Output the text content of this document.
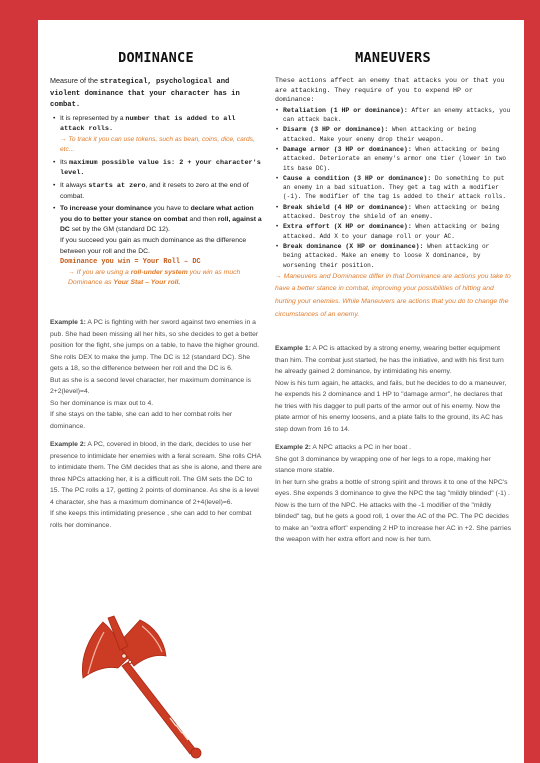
DOMINANCE

Measure of the strategical, psychological and violent dominance that your character has in combat.

• It is represented by a number that is added to all attack rolls.
→ To track it you can use tokens, such as bean, coins, dice, cards, etc...
• Its maximum possible value is: 2 + your character's level.
• It always starts at zero, and it resets to zero at the end of combat.
• To increase your dominance you have to declare what action you do to better your stance on combat and then roll, against a DC set by the GM (standard DC 12).

If you succeed you gain as much dominance as the difference between your roll and the DC.

Dominance you win = Your Roll – DC

→ If you are using a roll-under system you win as much Dominance as Your Stat – Your roll.

Example 1: A PC is fighting with her sword against two enemies in a pub. She had been missing all her hits, so she decides to get a better position for the fight, she jumps on a table, to have the higher ground. She rolls DEX to make the jump. The DC is 12 (standard DC). She gets a 18, so the difference between her roll and the DC is 6.
But as she is a second level character, her maximum dominance is 2+2(level)=4.
So her dominance is max out to 4.
If she stays on the table, she can add to her combat rolls her dominance.

Example 2: A PC, covered in blood, in the dark, decides to use her presence to intimidate her enemies with a feral scream. She rolls CHA to intimidate them. The GM decides that as she is alone, and there are three NPCs attacking her, it is a difficult roll. The GM sets the DC to 15. The PC rolls a 17, getting 2 points of dominance. As she is a level 4 character, she has a maximum dominance of 2+4(level)=6.
If she keeps this intimidating presence , she can add to her combat rolls her dominance.

MANEUVERS

These actions affect an enemy that attacks you or that you are attacking. They require of you to expend HP or dominance:

• Retaliation (1 HP or dominance): After an enemy attacks, you can attack back.
• Disarm (3 HP or dominance): When attacking or being attacked. Make your enemy drop their weapon.
• Damage armor (3 HP or dominance): When attacking or being attacked. Deteriorate an enemy's armor one tier (lower in two its base DC).
• Cause a condition (3 HP or dominance): Do something to put an enemy in a bad situation. They get a tag with a modifier (-1). The modifier of the tag is added to their attack rolls.
• Break shield (4 HP or dominance): When attacking or being attacked. Destroy the shield of an enemy.
• Extra effort (X HP or dominance): When attacking or being attacked. Add X to your damage roll or your AC.
• Break dominance (X HP or dominance): When attacking or being attacked. Make an enemy to loose X dominance, by worsening their position.

→ Maneuvers and Dominance differ in that Dominance are actions you take to have a better stance in combat, improving your possibilities of hitting and hurting your enemies. While Maneuvers are actions that you do to change the circumstances of an enemy.

Example 1: A PC is attacked by a strong enemy, wearing better equipment than him. The combat just started, he has the initiative, and with his first turn he already gained 2 dominance, by intimidating his enemy.
Now is his turn again, he attacks, and fails, but he decides to do a maneuver, he expends his 2 dominance and 1 HP to "damage armor", he declares that he tries with his dagger to pull parts of the armor out of his enemy. Now the plate armor of his enemy loosens, and a plate falls to the ground, its AC has step down from 16 to 14.

Example 2: A NPC attacks a PC in her boat .
She got 3 dominance by wrapping one of her legs to a rope, making her stance more stable.
In her turn she grabs a bottle of strong spirit and throws it to one of the NPC's eyes. She expends 3 dominance to give the NPC the tag "mildly blinded" (-1) . Now is the turn of the NPC. He attacks with the -1 modifier of the "mildly blinded" tag, but he gets a good roll, 1 over the AC of the PC. The PC decides to make an "extra effort" expending 2 HP to increase her AC in +2. She parries the weapon with her extra effort and now is her turn.
